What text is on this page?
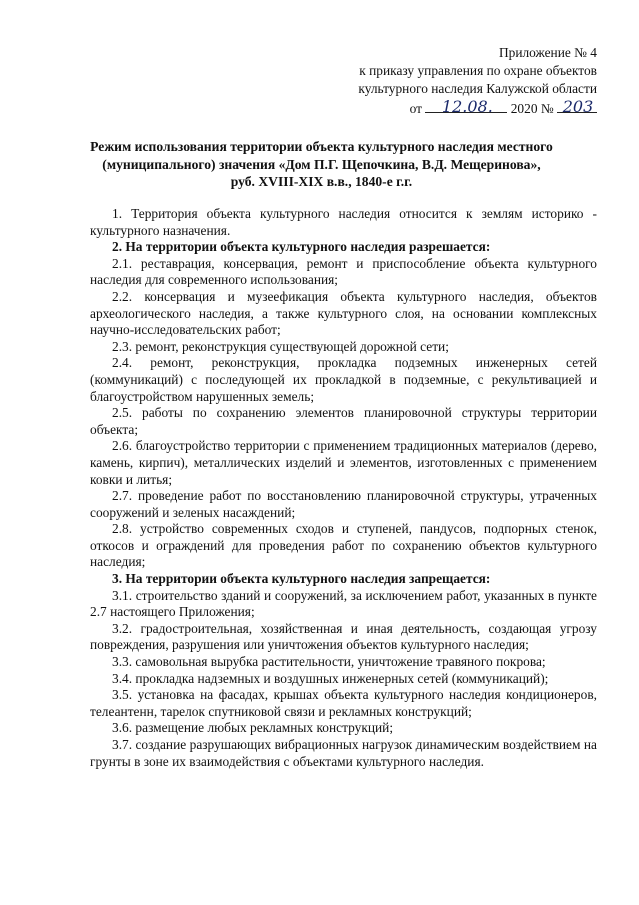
Приложение № 4
к приказу управления по охране объектов
культурного наследия Калужской области
от	12.08.	2020 № 203
Режим использования территории объекта культурного наследия местного
(муниципального) значения «Дом П.Г. Щепочкина, В.Д. Мещеринова»,
руб. XVIII-XIX в.в., 1840-е г.г.

1. Территория объекта культурного наследия относится к землям историко - культурного назначения.

2. На территории объекта культурного наследия разрешается:

2.1. реставрация, консервация, ремонт и приспособление объекта культурного наследия для современного использования;

2.2. консервация и музеефикация объекта культурного наследия, объектов археологического наследия, а также культурного слоя, на основании комплексных научно-исследовательских работ;

2.3. ремонт, реконструкция существующей дорожной сети;

2.4. ремонт, реконструкция, прокладка подземных инженерных сетей (коммуникаций) с последующей их прокладкой в подземные, с рекультивацией и благоустройством нарушенных земель;

2.5. работы по сохранению элементов планировочной структуры территории объекта;

2.6. благоустройство территории с применением традиционных материалов (дерево, камень, кирпич), металлических изделий и элементов, изготовленных с применением ковки и литья;

2.7. проведение работ по восстановлению планировочной структуры, утраченных сооружений и зеленых насаждений;

2.8. устройство современных сходов и ступеней, пандусов, подпорных стенок, откосов и ограждений для проведения работ по сохранению объектов культурного наследия;

3. На территории объекта культурного наследия запрещается:

3.1. строительство зданий и сооружений, за исключением работ, указанных в пункте 2.7 настоящего Приложения;

3.2. градостроительная, хозяйственная и иная деятельность, создающая угрозу повреждения, разрушения или уничтожения объектов культурного наследия;

3.3. самовольная вырубка растительности, уничтожение травяного покрова;

3.4. прокладка надземных и воздушных инженерных сетей (коммуникаций);

3.5. установка на фасадах, крышах объекта культурного наследия кондиционеров, телеантенн, тарелок спутниковой связи и рекламных конструкций;

3.6. размещение любых рекламных конструкций;

3.7. создание разрушающих вибрационных нагрузок динамическим воздействием на грунты в зоне их взаимодействия с объектами культурного наследия.
